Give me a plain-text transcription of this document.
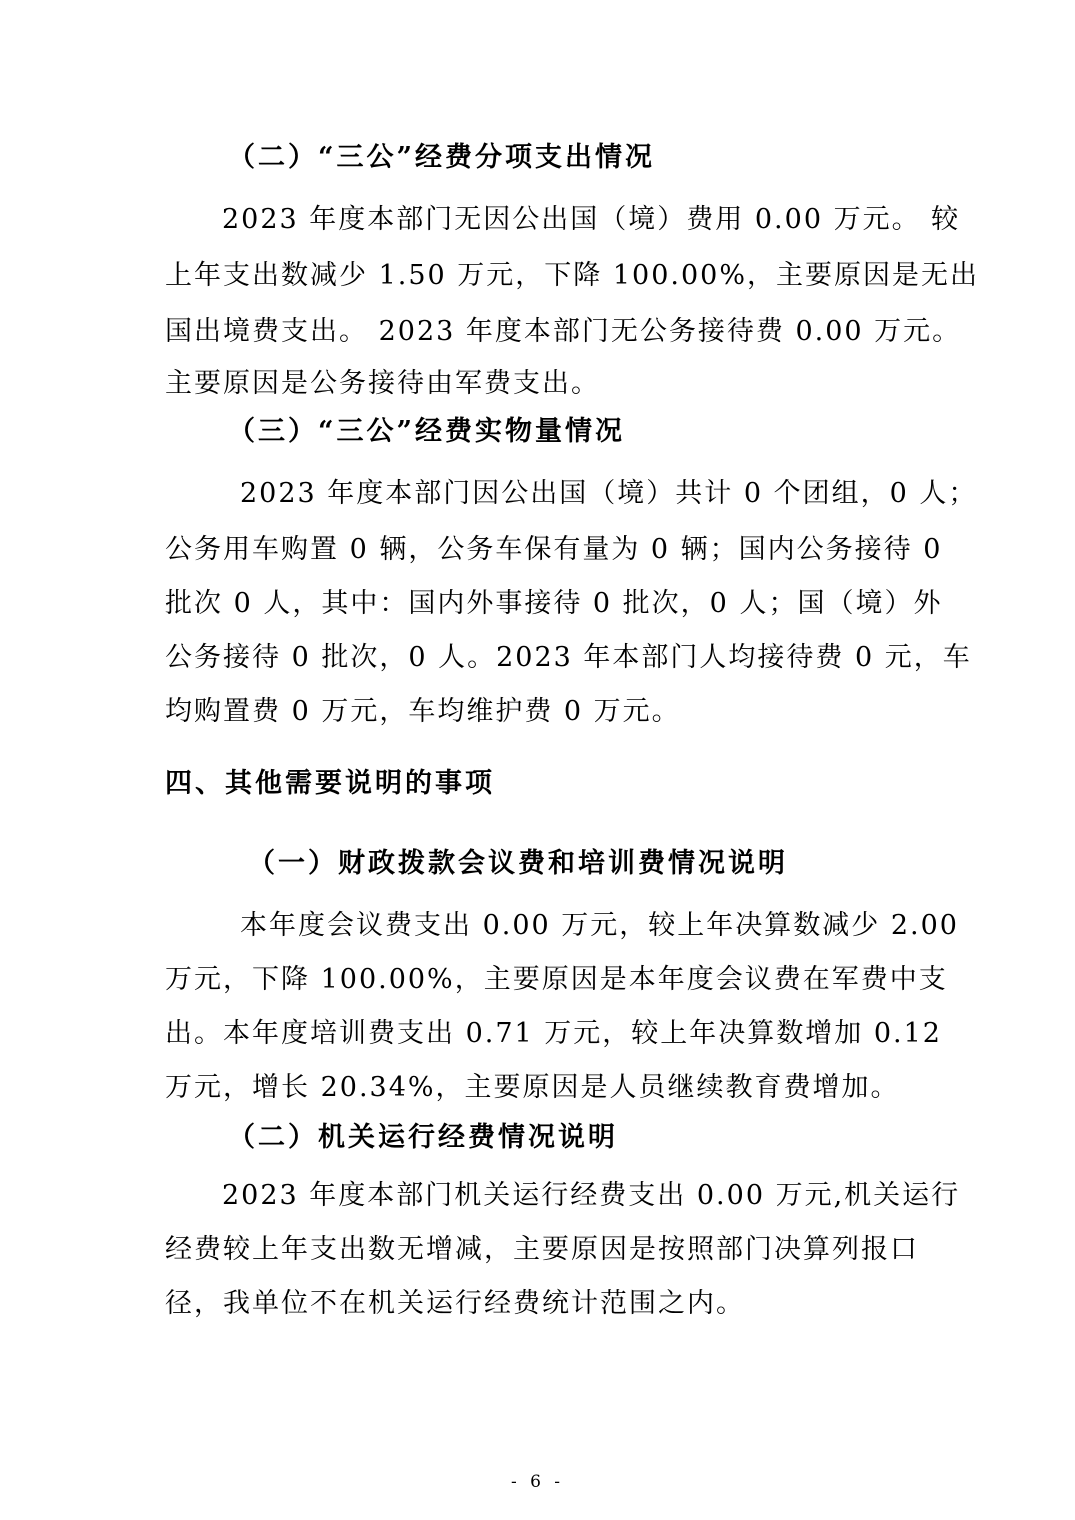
（二）“三公”经费分项支出情况
2023 年度本部门无因公出国（境）费用 0.00 万元。 较
上年支出数减少 1.50 万元，下降 100.00%，主要原因是无出
国出境费支出。 2023 年度本部门无公务接待费 0.00 万元。
主要原因是公务接待由军费支出。
（三）“三公”经费实物量情况
2023 年度本部门因公出国（境）共计 0 个团组，0 人；
公务用车购置 0 辆，公务车保有量为 0 辆；国内公务接待 0
批次 0 人，其中：国内外事接待 0 批次，0 人；国（境）外
公务接待 0 批次，0 人。2023 年本部门人均接待费 0 元，车
均购置费 0 万元，车均维护费 0 万元。
四、其他需要说明的事项
（一）财政拨款会议费和培训费情况说明
本年度会议费支出 0.00 万元，较上年决算数减少 2.00
万元，下降 100.00%，主要原因是本年度会议费在军费中支
出。本年度培训费支出 0.71 万元，较上年决算数增加 0.12
万元，增长 20.34%，主要原因是人员继续教育费增加。
（二）机关运行经费情况说明
2023 年度本部门机关运行经费支出 0.00 万元,机关运行
经费较上年支出数无增减，主要原因是按照部门决算列报口
径，我单位不在机关运行经费统计范围之内。
- 6 -
